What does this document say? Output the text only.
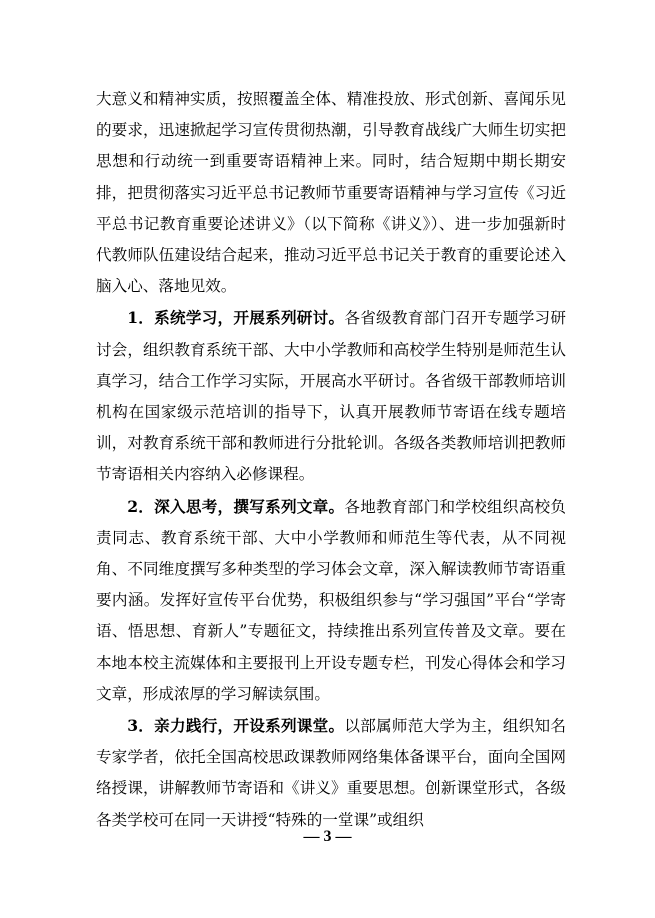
大意义和精神实质，按照覆盖全体、精准投放、形式创新、喜闻乐见的要求，迅速掀起学习宣传贯彻热潮，引导教育战线广大师生切实把思想和行动统一到重要寄语精神上来。同时，结合短期中期长期安排，把贯彻落实习近平总书记教师节重要寄语精神与学习宣传《习近平总书记教育重要论述讲义》（以下简称《讲义》）、进一步加强新时代教师队伍建设结合起来，推动习近平总书记关于教育的重要论述入脑入心、落地见效。

1．系统学习，开展系列研讨。各省级教育部门召开专题学习研讨会，组织教育系统干部、大中小学教师和高校学生特别是师范生认真学习，结合工作学习实际，开展高水平研讨。各省级干部教师培训机构在国家级示范培训的指导下，认真开展教师节寄语在线专题培训，对教育系统干部和教师进行分批轮训。各级各类教师培训把教师节寄语相关内容纳入必修课程。

2．深入思考，撰写系列文章。各地教育部门和学校组织高校负责同志、教育系统干部、大中小学教师和师范生等代表，从不同视角、不同维度撰写多种类型的学习体会文章，深入解读教师节寄语重要内涵。发挥好宣传平台优势，积极组织参与“学习强国”平台“学寄语、悟思想、育新人”专题征文，持续推出系列宣传普及文章。要在本地本校主流媒体和主要报刊上开设专题专栏，刊发心得体会和学习文章，形成浓厚的学习解读氛围。

3．亲力践行，开设系列课堂。以部属师范大学为主，组织知名专家学者，依托全国高校思政课教师网络集体备课平台，面向全国网络授课，讲解教师节寄语和《讲义》重要思想。创新课堂形式，各级各类学校可在同一天讲授“特殊的一堂课”或组织

— 3 —
